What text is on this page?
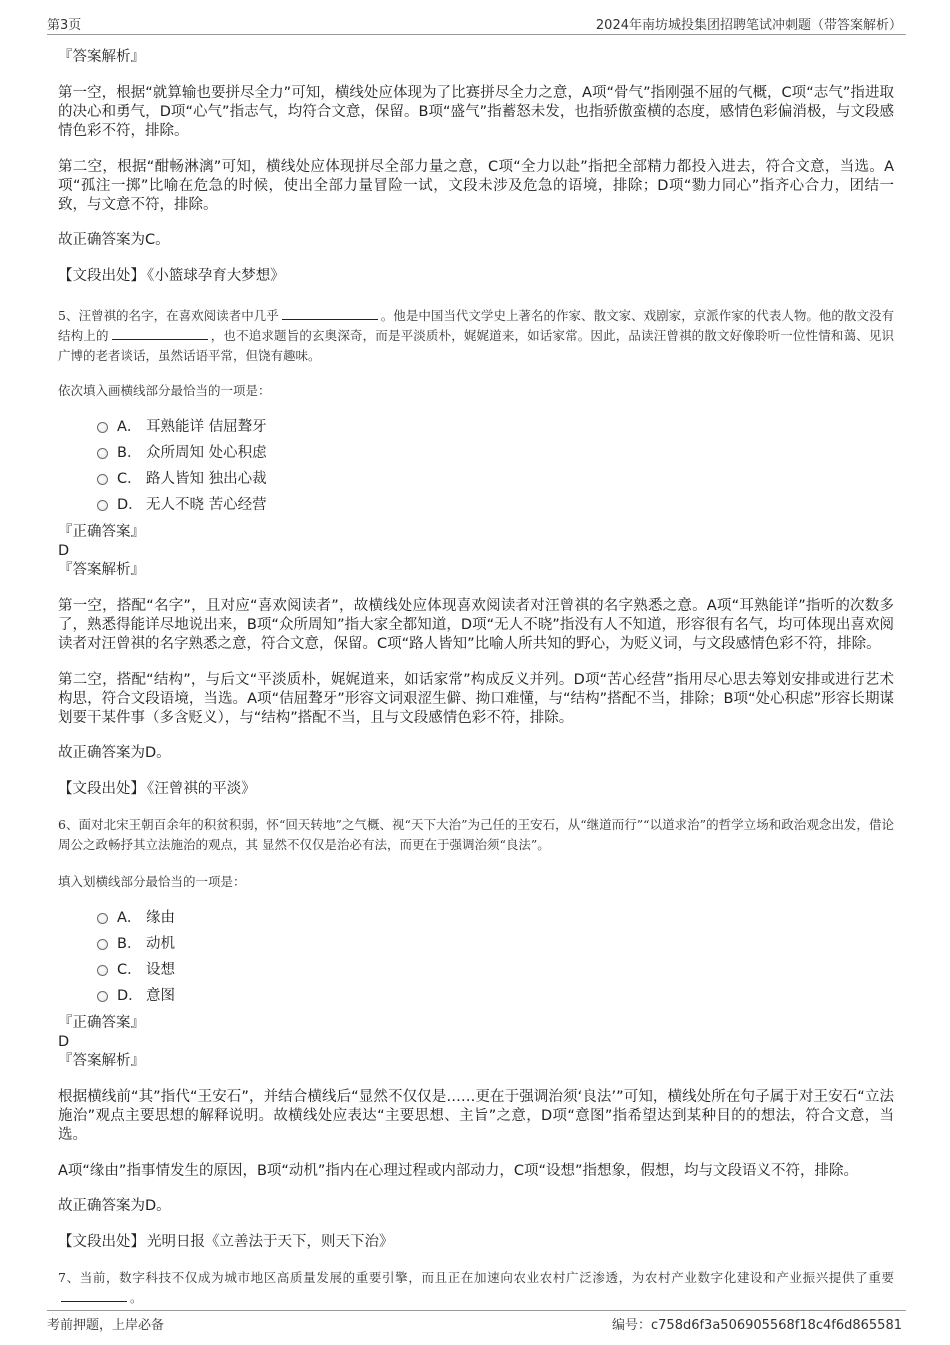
第3页	2024年南坊城投集团招聘笔试冲刺题（带答案解析）

『答案解析』

第一空，根据“就算输也要拼尽全力”可知，横线处应体现为了比赛拼尽全力之意，A项“骨气”指刚强不屈的气概，C项“志气”指进取的决心和勇气，D项“心气”指志气，均符合文意，保留。B项“盛气”指蓄怒未发，也指骄傲蛮横的态度，感情色彩偏消极，与文段感情色彩不符，排除。

第二空，根据“酣畅淋漓”可知，横线处应体现拼尽全部力量之意，C项“全力以赴”指把全部精力都投入进去，符合文意，当选。A项“孤注一掷”比喻在危急的时候，使出全部力量冒险一试，文段未涉及危急的语境，排除；D项“勠力同心”指齐心合力，团结一致，与文意不符，排除。

故正确答案为C。

【文段出处】 《小篮球孕育大梦想》

5、汪曾祺的名字，在喜欢阅读者中几乎	。他是中国当代文学史上著名的作家、散文家、戏剧家，京派作家的代表人物。他的散文没有结构上的	，也不追求题旨的玄奥深奇，而是平淡质朴，娓娓道来，如话家常。因此，品读汪曾祺的散文好像聆听一位性情和蔼、见识广博的老者谈话，虽然话语平常，但饶有趣味。

依次填入画横线部分最恰当的一项是：

A． 耳熟能详 佶屈聱牙
B． 众所周知 处心积虑
C． 路人皆知 独出心裁
D． 无人不晓 苦心经营

『正确答案』

D

『答案解析』

第一空，搭配“名字”，且对应“喜欢阅读者”，故横线处应体现喜欢阅读者对汪曾祺的名字熟悉之意。A项“耳熟能详”指听的次数多了，熟悉得能详尽地说出来，B项“众所周知”指大家全都知道，D项“无人不晓”指没有人不知道，形容很有名气，均可体现出喜欢阅读者对汪曾祺的名字熟悉之意，符合文意，保留。C项“路人皆知”比喻人所共知的野心，为贬义词，与文段感情色彩不符，排除。

第二空，搭配“结构”，与后文“平淡质朴，娓娓道来，如话家常”构成反义并列。D项“苦心经营”指用尽心思去筹划安排或进行艺术构思，符合文段语境，当选。A项“佶屈聱牙”形容文词艰涩生僻、拗口难懂，与“结构”搭配不当，排除；B项“处心积虑”形容长期谋划要干某件事（多含贬义），与“结构”搭配不当，且与文段感情色彩不符，排除。

故正确答案为D。

【文段出处】 《汪曾祺的平淡》

6、面对北宋王朝百余年的积贫积弱，怀“回天转地”之气概、视“天下大治”为己任的王安石，从“继道而行”“以道求治”的哲学立场和政治观念出发，借论周公之政畅抒其立法施治的观点，其 显然不仅仅是治必有法，而更在于强调治须“良法”。

填入划横线部分最恰当的一项是：

A． 缘由
B． 动机
C． 设想
D． 意图

『正确答案』

D

『答案解析』

根据横线前“其”指代“王安石”，并结合横线后“显然不仅仅是……更在于强调治须‘良法’”可知，横线处所在句子属于对王安石“立法施治”观点主要思想的解释说明。故横线处应表达“主要思想、主旨”之意，D项“意图”指希望达到某种目的的想法，符合文意，当选。

A项“缘由”指事情发生的原因，B项“动机”指内在心理过程或内部动力，C项“设想”指想象，假想，均与文段语义不符，排除。

故正确答案为D。

【文段出处】 光明日报《立善法于天下，则天下治》

7、当前，数字科技不仅成为城市地区高质量发展的重要引擎，而且正在加速向农业农村广泛渗透，为农村产业数字化建设和产业振兴提供了重要。

考前押题，上岸必备	编号：c758d6f3a506905568f18c4f6d865581
